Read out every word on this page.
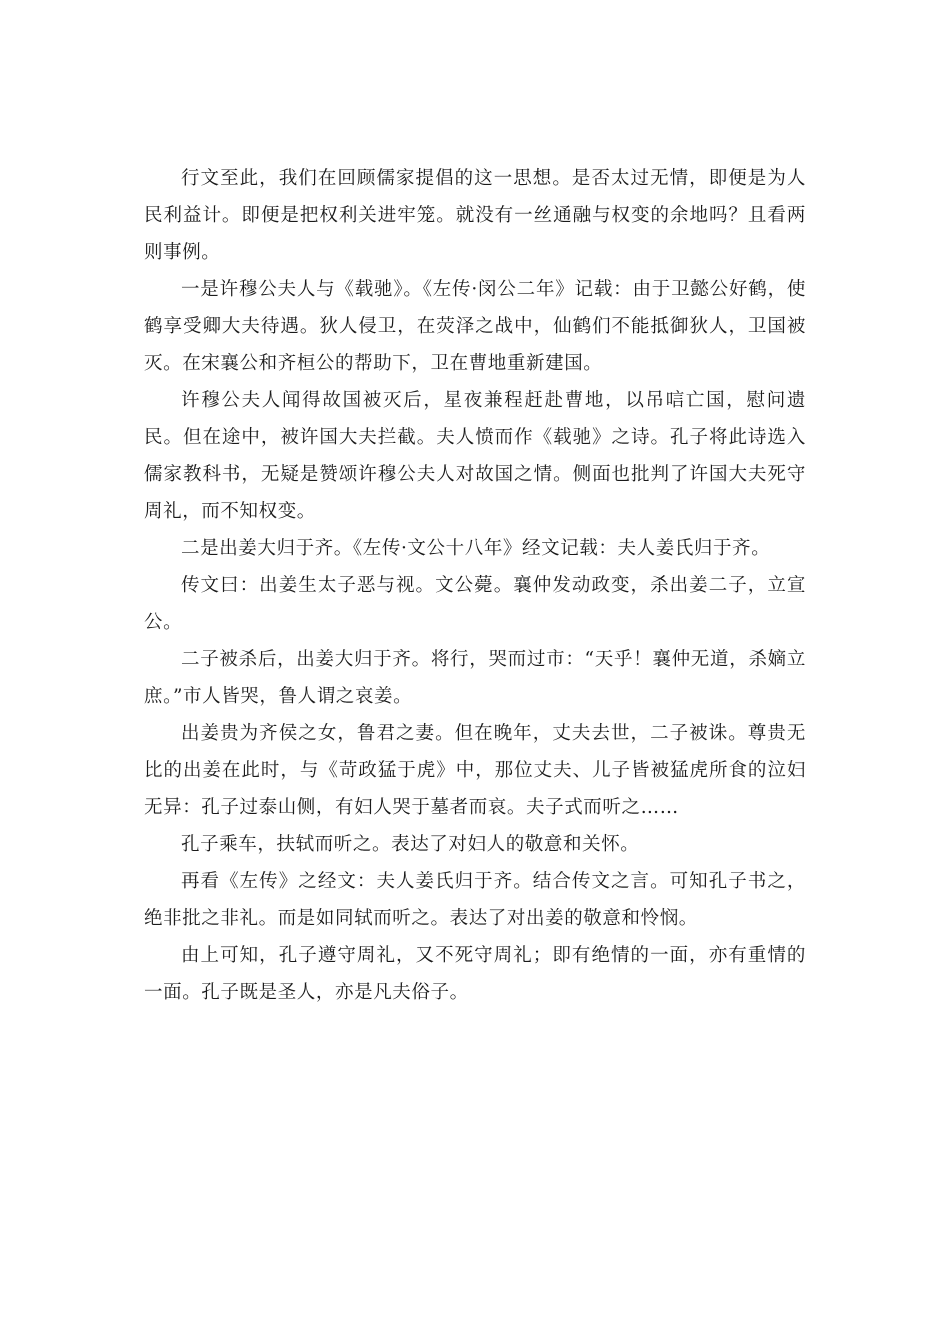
行文至此，我们在回顾儒家提倡的这一思想。是否太过无情，即便是为人民利益计。即便是把权利关进牢笼。就没有一丝通融与权变的余地吗？且看两则事例。

一是许穆公夫人与《载驰》。《左传·闵公二年》记载：由于卫懿公好鹤，使鹤享受卿大夫待遇。狄人侵卫，在荧泽之战中，仙鹤们不能抵御狄人，卫国被灭。在宋襄公和齐桓公的帮助下，卫在曹地重新建国。

许穆公夫人闻得故国被灭后，星夜兼程赶赴曹地，以吊唁亡国，慰问遗民。但在途中，被许国大夫拦截。夫人愤而作《载驰》之诗。孔子将此诗选入儒家教科书，无疑是赞颂许穆公夫人对故国之情。侧面也批判了许国大夫死守周礼，而不知权变。

二是出姜大归于齐。《左传·文公十八年》经文记载：夫人姜氏归于齐。

传文曰：出姜生太子恶与视。文公薨。襄仲发动政变，杀出姜二子，立宣公。

二子被杀后，出姜大归于齐。将行，哭而过市：“天乎！襄仲无道，杀嫡立庶。”市人皆哭，鲁人谓之哀姜。

出姜贵为齐侯之女，鲁君之妻。但在晚年，丈夫去世，二子被诛。尊贵无比的出姜在此时，与《苛政猛于虎》中，那位丈夫、儿子皆被猛虎所食的泣妇无异：孔子过泰山侧，有妇人哭于墓者而哀。夫子式而听之……

孔子乘车，扶轼而听之。表达了对妇人的敬意和关怀。

再看《左传》之经文：夫人姜氏归于齐。结合传文之言。可知孔子书之，绝非批之非礼。而是如同轼而听之。表达了对出姜的敬意和怜悯。

由上可知，孔子遵守周礼，又不死守周礼；即有绝情的一面，亦有重情的一面。孔子既是圣人，亦是凡夫俗子。
